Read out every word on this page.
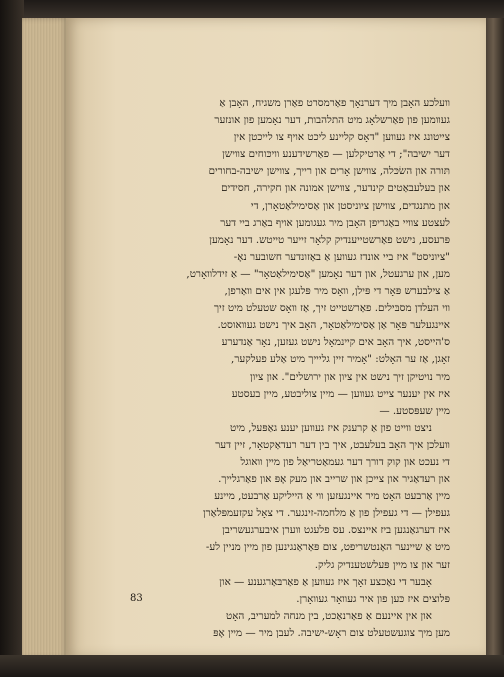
װעלכע האָבן מיך דערנאָך פאַרמסרט פאַרן משגיח, האָבן אַ
געװמען פון פאַרשלאָג מיט התלהבות, דער נאָמען פון אונזער
צייטונג איז געװען "דאָס קליינע ליכט אויף צו לייכטן אין
דער ישיבה"; די אַרטיקלען — פאַרשידענע װיכּוחים צװישן
תּורה און השׂכּלה, צװישן אָרים און רייך, צװישן ישיבה-בחורים
און בעלעבאַטים קינדער, צװישן אמונה און חקירה, חסידים
און מתנגדים, צװישן ציוניסטן און אַסימילאַטאָרן, די
לעצטע צװיי באַגריפן האָבן מיר געגומען אויף באַרג ביי דער
פּרעסע, נישט פאַרשטייענדיק קלאָר זייער טייטש. דער נאָמען
"ציוניסט" איז ביי אונדז געװען אַ באַזונדער חשובער נאָ-
מען, און ערגעטל, און דער נאָמען "אַסימילאַטאָר" — אַ זידלװאָרט,
אַ צילבערש פּאָר די פּילן, װאָס מיר פּלעגן אין אים װאַרפן,
װי העלדן מסבּילים. פאַרשטייט זיך, אַז װאָס שטעלט מיט זיך
איינגעלער פּאָר אַן אַסימילאַטאָר, האָב איך נישט געװאוסט.
ס'הייסט, איך האָב אים קיינמאָל נישט געזען, נאָר אַנדערע
זאָגן, אַז ער האָלט: "אָמיר זיין גליייך מיט אַלע פעלקער,
מיר נויטיקן זיך נישט אין ציון און ירושלים". און ציון
איז אין יענער צייט געװען — מיין צוליבטע, מיין בעסטע
מיין שעפּסטע. —
ניצט װייט פון אַ קרענק איז געװען יענע גאַפּעל, מיט
װעלכן איך האָב בעלעבט, איך בין דער רעדאַקטאָר, זיין דער
די נעכט און קוק דורך דער געמאַטריאַל פון מיין װאוגל
און רעדאַגיר און צייכן און שרייב און מעק אָפּ און פאַרגלייך.
מיין אַרבעט האָט מיר איינגעזען װי אַ הייליקע אַרבעט, מיינע
געפילן — די געפילן פון אַ מלחמה-זינגער. די צאָל עקזעמפּלאַרן
איז דערגאַנגען ביז איינצס. עס פלעגט װערן איבערגעשריבן
מיט אַ שיינער האַנטשריפט, צום פּאַראַנגינען פון מיין מניין לע-
זער און צו מיין פּעלשטענדיק גליק.
אָבער די נאַכצע זאָך איז געװען אַ פאַרבּאַרגענע — און
פּלוצים איז כּען פון איר געװאָר געװאָרן.
און אין איינעם אַ פאַרנאַכט, בין מנחה למעריב, האָט
מען מיך צוגעשטעלט צום ראָש-ישיבה. לעבן מיר — מיין אָפּ
83
